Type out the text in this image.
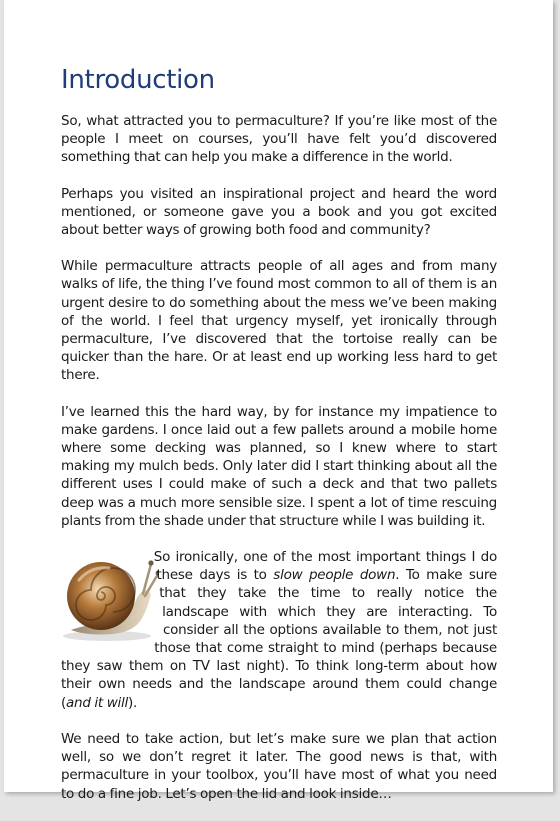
Introduction

So, what attracted you to permaculture? If you’re like most of the people I meet on courses, you’ll have felt you’d discovered something that can help you make a difference in the world.

Perhaps you visited an inspirational project and heard the word mentioned, or someone gave you a book and you got excited about better ways of growing both food and community?

While permaculture attracts people of all ages and from many walks of life, the thing I’ve found most common to all of them is an urgent desire to do something about the mess we’ve been making of the world. I feel that urgency myself, yet ironically through permaculture, I’ve discovered that the tortoise really can be quicker than the hare. Or at least end up working less hard to get there.

I’ve learned this the hard way, by for instance my impatience to make gardens. I once laid out a few pallets around a mobile home where some decking was planned, so I knew where to start making my mulch beds. Only later did I start thinking about all the different uses I could make of such a deck and that two pallets deep was a much more sensible size. I spent a lot of time rescuing plants from the shade under that structure while I was building it.

So ironically, one of the most important things I do these days is to slow people down. To make sure that they take the time to really notice the landscape with which they are interacting. To consider all the options available to them, not just those that come straight to mind (perhaps because they saw them on TV last night). To think long-term about how their own needs and the landscape around them could change (and it will).

We need to take action, but let’s make sure we plan that action well, so we don’t regret it later. The good news is that, with permaculture in your toolbox, you’ll have most of what you need to do a fine job. Let’s open the lid and look inside…
